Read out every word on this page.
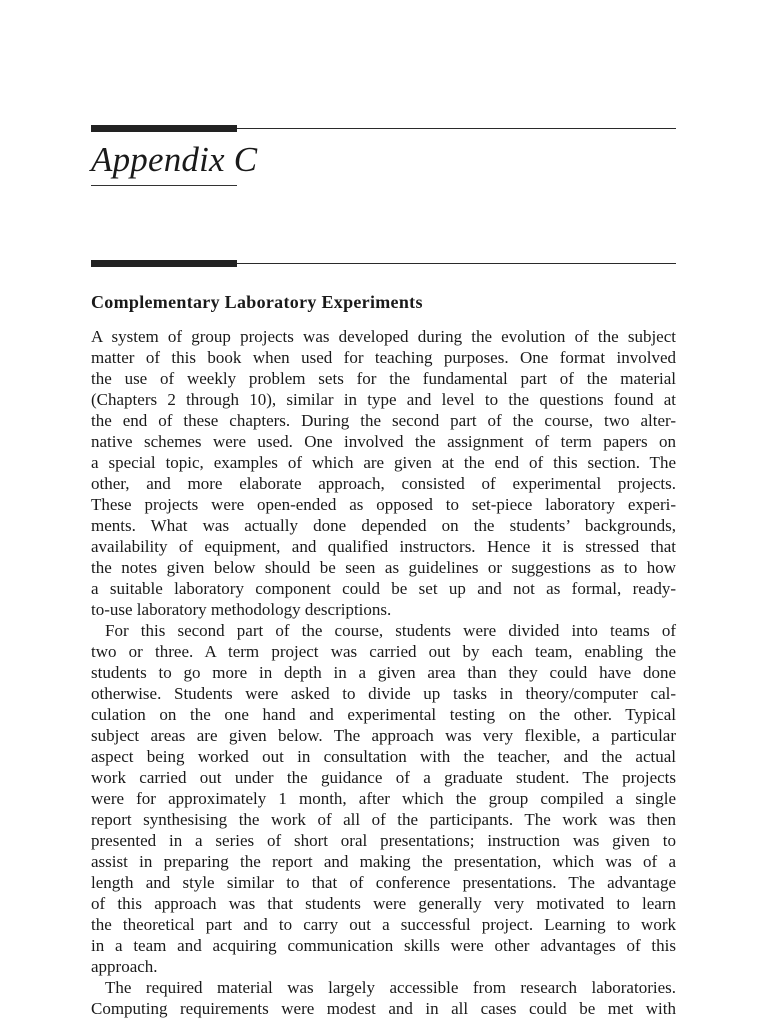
Appendix C
Complementary Laboratory Experiments
A system of group projects was developed during the evolution of the subject
matter of this book when used for teaching purposes. One format involved
the use of weekly problem sets for the fundamental part of the material
(Chapters 2 through 10), similar in type and level to the questions found at
the end of these chapters. During the second part of the course, two alter-
native schemes were used. One involved the assignment of term papers on
a special topic, examples of which are given at the end of this section. The
other, and more elaborate approach, consisted of experimental projects.
These projects were open-ended as opposed to set-piece laboratory experi-
ments. What was actually done depended on the students’ backgrounds,
availability of equipment, and qualified instructors. Hence it is stressed that
the notes given below should be seen as guidelines or suggestions as to how
a suitable laboratory component could be set up and not as formal, ready-
to-use laboratory methodology descriptions.
For this second part of the course, students were divided into teams of
two or three. A term project was carried out by each team, enabling the
students to go more in depth in a given area than they could have done
otherwise. Students were asked to divide up tasks in theory/computer cal-
culation on the one hand and experimental testing on the other. Typical
subject areas are given below. The approach was very flexible, a particular
aspect being worked out in consultation with the teacher, and the actual
work carried out under the guidance of a graduate student. The projects
were for approximately 1 month, after which the group compiled a single
report synthesising the work of all of the participants. The work was then
presented in a series of short oral presentations; instruction was given to
assist in preparing the report and making the presentation, which was of a
length and style similar to that of conference presentations. The advantage
of this approach was that students were generally very motivated to learn
the theoretical part and to carry out a successful project. Learning to work
in a team and acquiring communication skills were other advantages of this
approach.
The required material was largely accessible from research laboratories.
Computing requirements were modest and in all cases could be met with
